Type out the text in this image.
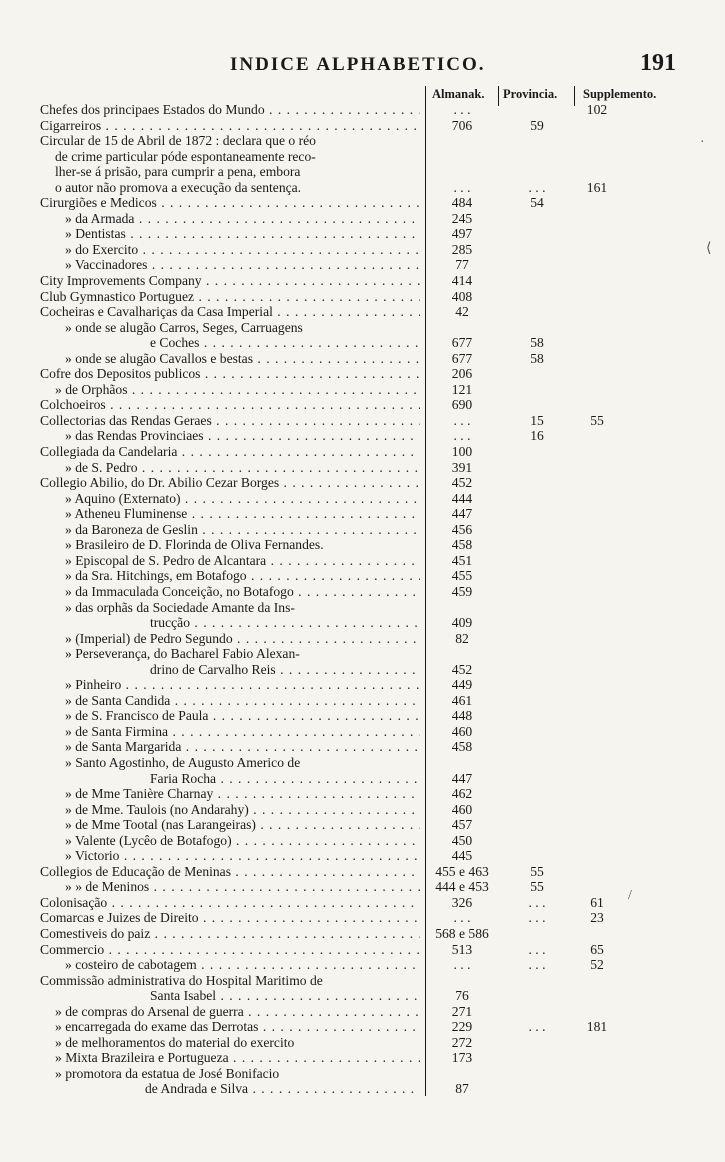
INDICE ALPHABETICO.	191
Almanak. Provincia. Supplemento.
Chefes dos principaes Estados do Mundo . . .	. . .	102
Cigarreiros . . .	706	59
Circular de 15 de Abril de 1872 : declara que o réo
de crime particular póde espontaneamente reco-
lher-se á prisão, para cumprir a pena, embora
o autor não promova a execução da sentença.	. . .	. . .	161
Cirurgiões e Medicos . . .	484	54
» da Armada . . .	245
» Dentistas . . .	497
» do Exercito . . .	285
» Vaccinadores . . .	77
City Improvements Company . . .	414
Club Gymnastico Portuguez . . .	408
Cocheiras e Cavalhariças da Casa Imperial . . .	42
» onde se alugão Carros, Seges, Carruagens
e Coches . . .	677	58
» onde se alugão Cavallos e bestas . . .	677	58
Cofre dos Depositos publicos . . .	206
» de Orphãos . . .	121
Colchoeiros . . .	690
Collectorias das Rendas Geraes . . .	. . .	15	55
» das Rendas Provinciaes . . .	. . .	16
Collegiada da Candelaria . . .	100
» de S. Pedro . . .	391
Collegio Abilio, do Dr. Abilio Cezar Borges . . .	452
» Aquino (Externato) . . .	444
» Atheneu Fluminense . . .	447
» da Baroneza de Geslin . . .	456
» Brasileiro de D. Florinda de Oliva Fernandes.	458
» Episcopal de S. Pedro de Alcantara . . .	451
» da Sra. Hitchings, em Botafogo . . .	455
» da Immaculada Conceição, no Botafogo . . .	459
» das orphãs da Sociedade Amante da Ins-
trucção . . .	409
» (Imperial) de Pedro Segundo . . .	82
» Perseverança, do Bacharel Fabio Alexan-
drino de Carvalho Reis . . .	452
» Pinheiro . . .	449
» de Santa Candida . . .	461
» de S. Francisco de Paula . . .	448
» de Santa Firmina . . .	460
» de Santa Margarida . . .	458
» Santo Agostinho, de Augusto Americo de
Faria Rocha . . .	447
» de Mme Tanière Charnay . . .	462
» de Mme. Taulois (no Andarahy) . . .	460
» de Mme Tootal (nas Larangeiras) . . .	457
» Valente (Lycêo de Botafogo) . . .	450
» Victorio . . .	445
Collegios de Educação de Meninas . . .	455 e 463	55
» » de Meninos . . .	444 e 453	55
Colonisação . . .	326	. . .	61
Comarcas e Juizes de Direito . . .	. . .	. . .	23
Comestiveis do paiz . . .	568 e 586
Commercio . . .	513	. . .	65
» costeiro de cabotagem . . .	. . .	. . .	52
Commissão administrativa do Hospital Maritimo de
Santa Isabel . . .	76
» de compras do Arsenal de guerra . . .	271
» encarregada do exame das Derrotas . . .	229	. . .	181
» de melhoramentos do material do exercito	272
» Mixta Brazileira e Portugueza . . .	173
» promotora da estatua de José Bonifacio
de Andrada e Silva . . .	87
·
⟨
/
